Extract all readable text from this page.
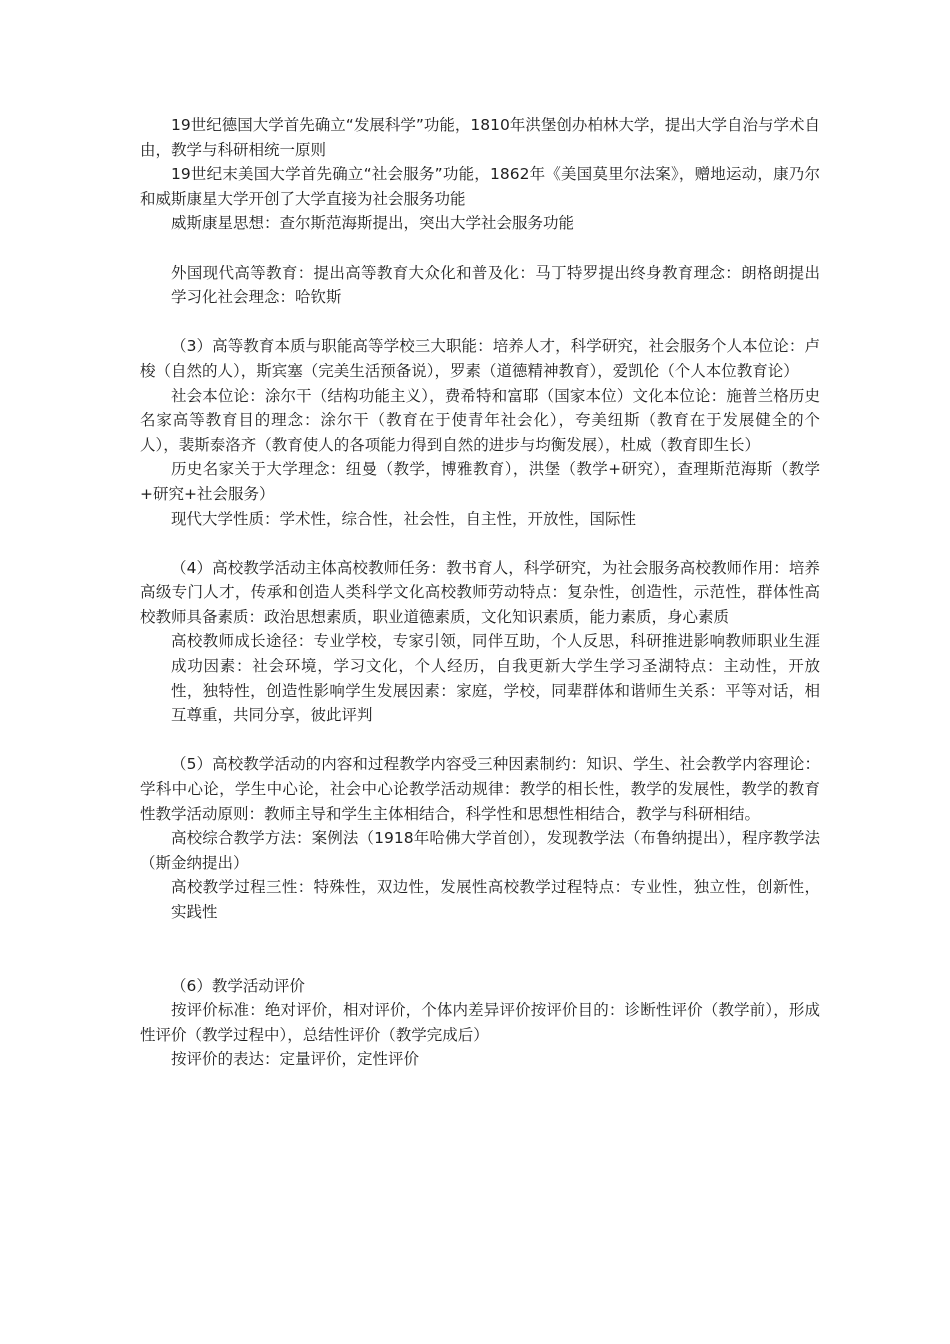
19世纪德国大学首先确立“发展科学”功能，1810年洪堡创办柏林大学，提出大学自治与学术自由，教学与科研相统一原则

19世纪末美国大学首先确立“社会服务”功能，1862年《美国莫里尔法案》，赠地运动，康乃尔和威斯康星大学开创了大学直接为社会服务功能

威斯康星思想：查尔斯范海斯提出，突出大学社会服务功能

外国现代高等教育：提出高等教育大众化和普及化：马丁特罗提出终身教育理念：朗格朗提出学习化社会理念：哈钦斯

（3）高等教育本质与职能高等学校三大职能：培养人才，科学研究，社会服务个人本位论：卢梭（自然的人），斯宾塞（完美生活预备说），罗素（道德精神教育），爱凯伦（个人本位教育论）

社会本位论：涂尔干（结构功能主义），费希特和富耶（国家本位）文化本位论：施普兰格历史名家高等教育目的理念：涂尔干（教育在于使青年社会化），夸美纽斯（教育在于发展健全的个人），裴斯泰洛齐（教育使人的各项能力得到自然的进步与均衡发展），杜威（教育即生长）

历史名家关于大学理念：纽曼（教学，博雅教育），洪堡（教学+研究），查理斯范海斯（教学+研究+社会服务）

现代大学性质：学术性，综合性，社会性，自主性，开放性，国际性

（4）高校教学活动主体高校教师任务：教书育人，科学研究，为社会服务高校教师作用：培养高级专门人才，传承和创造人类科学文化高校教师劳动特点：复杂性，创造性，示范性，群体性高校教师具备素质：政治思想素质，职业道德素质，文化知识素质，能力素质，身心素质

高校教师成长途径：专业学校，专家引领，同伴互助，个人反思，科研推进影响教师职业生涯成功因素：社会环境，学习文化，个人经历，自我更新大学生学习圣湖特点：主动性，开放性，独特性，创造性影响学生发展因素：家庭，学校，同辈群体和谐师生关系：平等对话，相互尊重，共同分享，彼此评判

（5）高校教学活动的内容和过程教学内容受三种因素制约：知识、学生、社会教学内容理论：学科中心论，学生中心论，社会中心论教学活动规律：教学的相长性，教学的发展性，教学的教育性教学活动原则：教师主导和学生主体相结合，科学性和思想性相结合，教学与科研相结。

高校综合教学方法：案例法（1918年哈佛大学首创），发现教学法（布鲁纳提出），程序教学法（斯金纳提出）

高校教学过程三性：特殊性，双边性，发展性高校教学过程特点：专业性，独立性，创新性，实践性

（6）教学活动评价

按评价标准：绝对评价，相对评价，个体内差异评价按评价目的：诊断性评价（教学前），形成性评价（教学过程中），总结性评价（教学完成后）

按评价的表达：定量评价，定性评价
